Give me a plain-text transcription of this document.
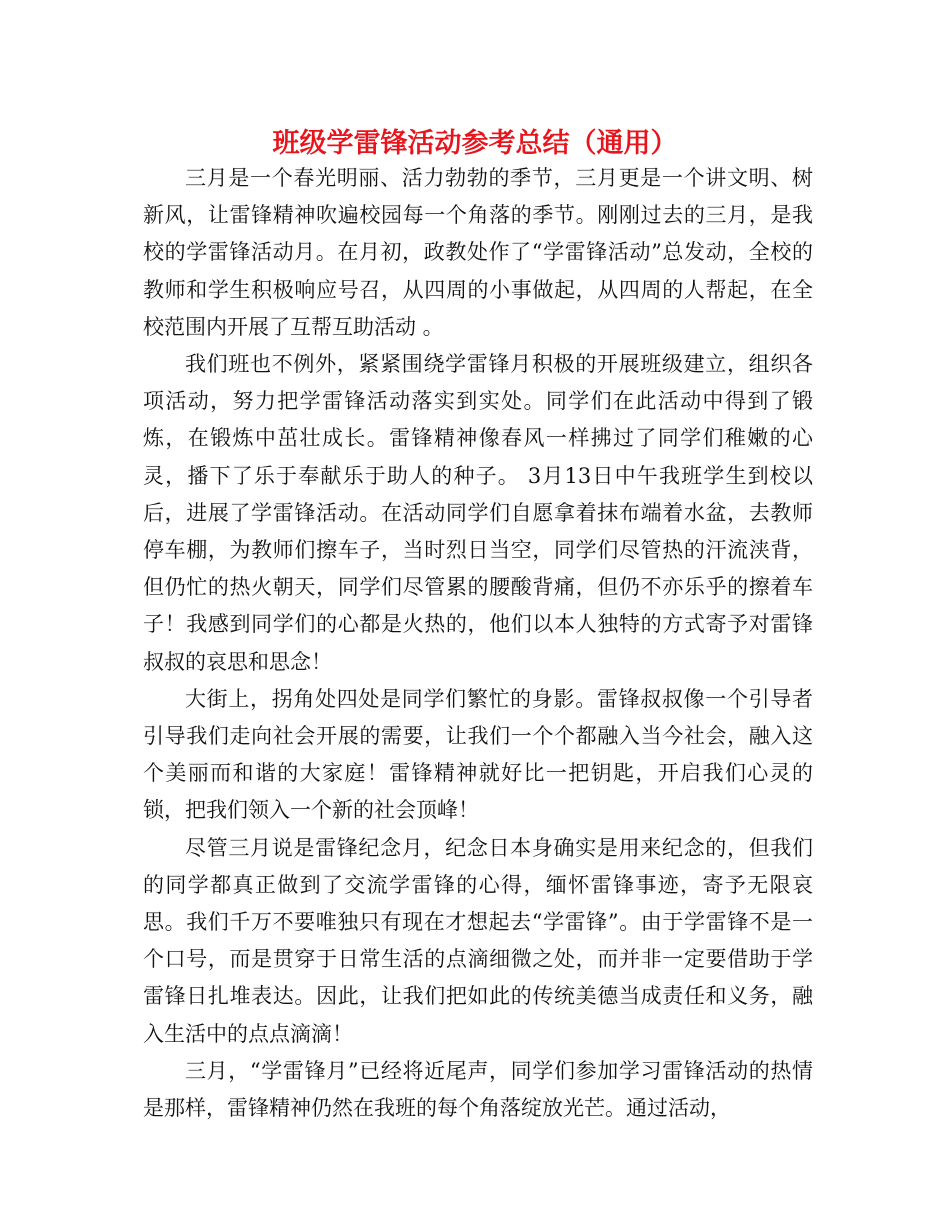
班级学雷锋活动参考总结（通用）

三月是一个春光明丽、活力勃勃的季节，三月更是一个讲文明、树新风，让雷锋精神吹遍校园每一个角落的季节。刚刚过去的三月，是我校的学雷锋活动月。在月初，政教处作了“学雷锋活动”总发动，全校的教师和学生积极响应号召，从四周的小事做起，从四周的人帮起，在全校范围内开展了互帮互助活动 。

我们班也不例外，紧紧围绕学雷锋月积极的开展班级建立，组织各项活动，努力把学雷锋活动落实到实处。同学们在此活动中得到了锻炼，在锻炼中茁壮成长。雷锋精神像春风一样拂过了同学们稚嫩的心灵，播下了乐于奉献乐于助人的种子。 3月13日中午我班学生到校以后，进展了学雷锋活动。在活动同学们自愿拿着抹布端着水盆，去教师停车棚，为教师们擦车子，当时烈日当空，同学们尽管热的汗流浃背，但仍忙的热火朝天，同学们尽管累的腰酸背痛，但仍不亦乐乎的擦着车子！我感到同学们的心都是火热的，他们以本人独特的方式寄予对雷锋叔叔的哀思和思念！

大街上，拐角处四处是同学们繁忙的身影。雷锋叔叔像一个引导者引导我们走向社会开展的需要，让我们一个个都融入当今社会，融入这个美丽而和谐的大家庭！雷锋精神就好比一把钥匙，开启我们心灵的锁，把我们领入一个新的社会顶峰！

尽管三月说是雷锋纪念月，纪念日本身确实是用来纪念的，但我们的同学都真正做到了交流学雷锋的心得，缅怀雷锋事迹，寄予无限哀思。我们千万不要唯独只有现在才想起去“学雷锋”。由于学雷锋不是一个口号，而是贯穿于日常生活的点滴细微之处，而并非一定要借助于学雷锋日扎堆表达。因此，让我们把如此的传统美德当成责任和义务，融入生活中的点点滴滴！

三月，“学雷锋月”已经将近尾声，同学们参加学习雷锋活动的热情是那样，雷锋精神仍然在我班的每个角落绽放光芒。通过活动，
